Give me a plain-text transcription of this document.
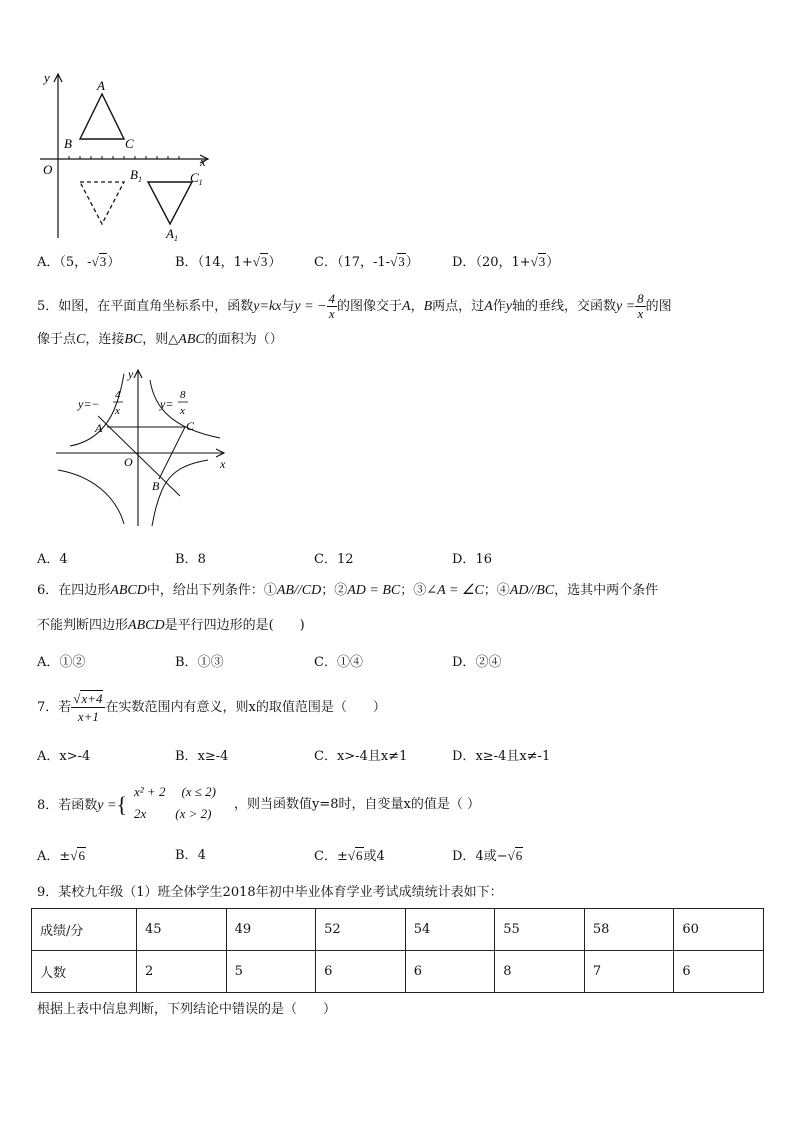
y
x
O
A
B	C
$B_1$	$C_1$
$A_1$
A．（5，-√3）	B．（14，1+√3）	C．（17，-1-√3）	D．（20，1+√3）
5．如图，在平面直角坐标系中，函数y=kx与y = − $\frac{4}{x}$ 的图像交于A，B两点，过A作y轴的垂线，交函数$y = \frac{8}{x}$ 的图
像于点C，连接BC，则△ABC的面积为（）
y
x
O
A	C
B
y=−
4
x	y=
8
x
A．4	B．8	C．12	D．16
6．在四边形ABCD中，给出下列条件：①AB//CD；②AD = BC；③∠A = ∠C；④AD//BC，选其中两个条件
不能判断四边形ABCD是平行四边形的是(　　)
A．①②	B．①③	C．①④	D．②④
7．若 $\frac{√x+4}{x+1}$ 在实数范围内有意义，则x的取值范围是（　　）
A．x>-4	B．x≥-4	C．x>-4且x≠1	D．x≥-4且x≠-1
8．若函数y ={
x² + 2 (x ≤ 2)
2x (x > 2)
，则当函数值y=8时，自变量x的值是（ ）
A．±√6	B．4	C．±√6或4	D．4或−√6
9．某校九年级（1）班全体学生2018年初中毕业体育学业考试成绩统计表如下：
成绩/分	45	49	52	54	55	58	60
人数	2	5	6	6	8	7	6
根据上表中信息判断，下列结论中错误的是（　　）
